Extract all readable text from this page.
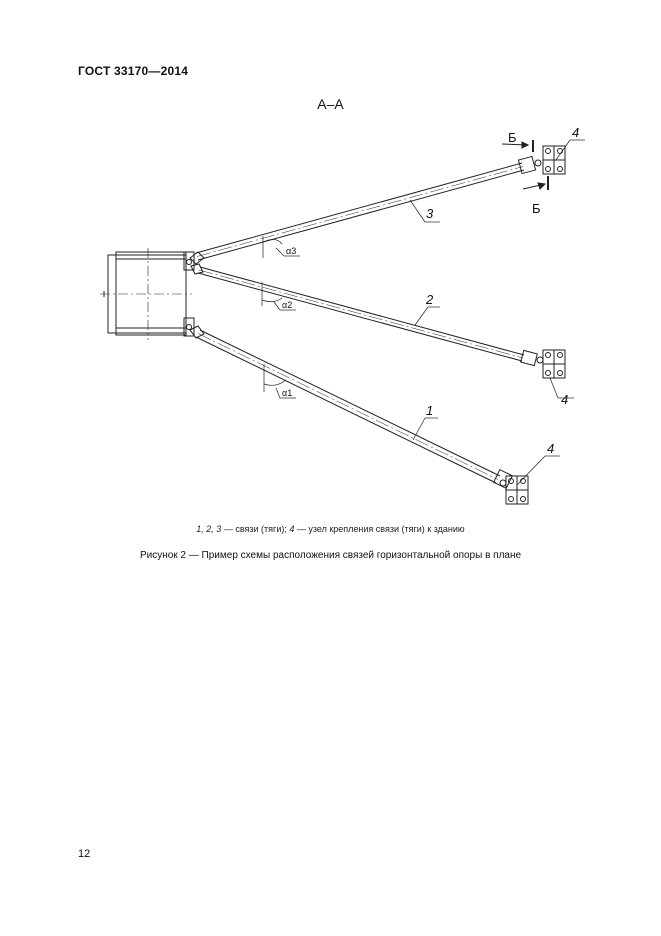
ГОСТ 33170—2014
А–А
3
2
1
4
4
4
α3
α2
α1
Б
Б
1, 2, 3 — связи (тяги); 4 — узел крепления связи (тяги) к зданию
Рисунок 2 — Пример схемы расположения связей горизонтальной опоры в плане
12
